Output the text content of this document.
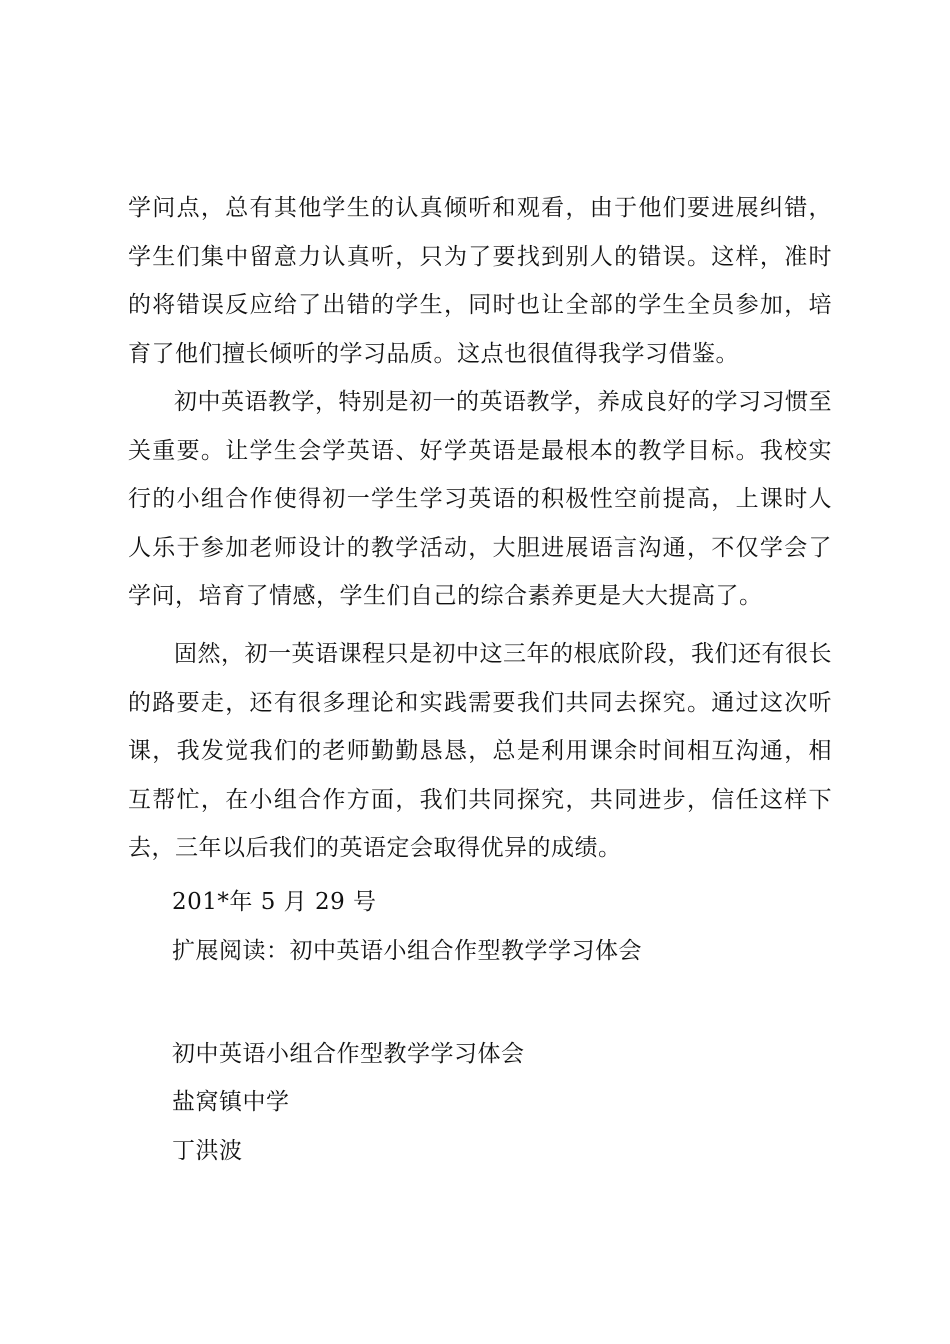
学问点，总有其他学生的认真倾听和观看，由于他们要进展纠错，学生们集中留意力认真听，只为了要找到别人的错误。这样，准时的将错误反应给了出错的学生，同时也让全部的学生全员参加，培育了他们擅长倾听的学习品质。这点也很值得我学习借鉴。

初中英语教学，特别是初一的英语教学，养成良好的学习习惯至关重要。让学生会学英语、好学英语是最根本的教学目标。我校实行的小组合作使得初一学生学习英语的积极性空前提高，上课时人人乐于参加老师设计的教学活动，大胆进展语言沟通，不仅学会了学问，培育了情感，学生们自己的综合素养更是大大提高了。

固然，初一英语课程只是初中这三年的根底阶段，我们还有很长的路要走，还有很多理论和实践需要我们共同去探究。通过这次听课，我发觉我们的老师勤勤恳恳，总是利用课余时间相互沟通，相互帮忙，在小组合作方面，我们共同探究，共同进步，信任这样下去，三年以后我们的英语定会取得优异的成绩。

201*年 5 月 29 号

扩展阅读：初中英语小组合作型教学学习体会

初中英语小组合作型教学学习体会

盐窝镇中学

丁洪波
